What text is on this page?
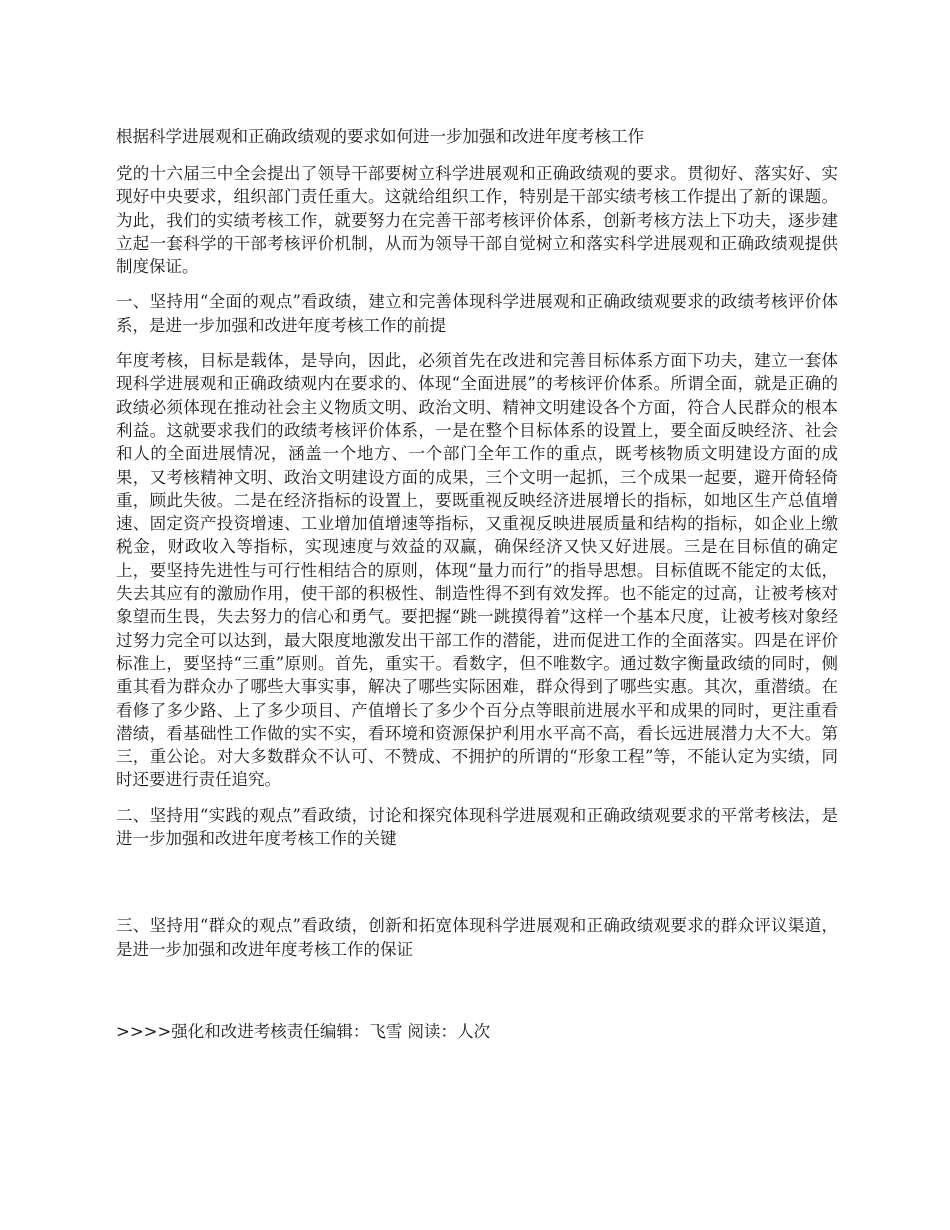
根据科学进展观和正确政绩观的要求如何进一步加强和改进年度考核工作
党的十六届三中全会提出了领导干部要树立科学进展观和正确政绩观的要求。贯彻好、落实好、实现好中央要求，组织部门责任重大。这就给组织工作，特别是干部实绩考核工作提出了新的课题。为此，我们的实绩考核工作，就要努力在完善干部考核评价体系，创新考核方法上下功夫，逐步建立起一套科学的干部考核评价机制，从而为领导干部自觉树立和落实科学进展观和正确政绩观提供制度保证。
一、坚持用“全面的观点”看政绩，建立和完善体现科学进展观和正确政绩观要求的政绩考核评价体系，是进一步加强和改进年度考核工作的前提
年度考核，目标是载体，是导向，因此，必须首先在改进和完善目标体系方面下功夫，建立一套体现科学进展观和正确政绩观内在要求的、体现“全面进展”的考核评价体系。所谓全面，就是正确的政绩必须体现在推动社会主义物质文明、政治文明、精神文明建设各个方面，符合人民群众的根本利益。这就要求我们的政绩考核评价体系，一是在整个目标体系的设置上，要全面反映经济、社会和人的全面进展情况，涵盖一个地方、一个部门全年工作的重点，既考核物质文明建设方面的成果，又考核精神文明、政治文明建设方面的成果，三个文明一起抓，三个成果一起要，避开倚轻倚重，顾此失彼。二是在经济指标的设置上，要既重视反映经济进展增长的指标，如地区生产总值增速、固定资产投资增速、工业增加值增速等指标，又重视反映进展质量和结构的指标，如企业上缴税金，财政收入等指标，实现速度与效益的双赢，确保经济又快又好进展。三是在目标值的确定上，要坚持先进性与可行性相结合的原则，体现“量力而行”的指导思想。目标值既不能定的太低，失去其应有的激励作用，使干部的积极性、制造性得不到有效发挥。也不能定的过高，让被考核对象望而生畏，失去努力的信心和勇气。要把握“跳一跳摸得着”这样一个基本尺度，让被考核对象经过努力完全可以达到，最大限度地激发出干部工作的潜能，进而促进工作的全面落实。四是在评价标准上，要坚持“三重”原则。首先，重实干。看数字，但不唯数字。通过数字衡量政绩的同时，侧重其看为群众办了哪些大事实事，解决了哪些实际困难，群众得到了哪些实惠。其次，重潜绩。在看修了多少路、上了多少项目、产值增长了多少个百分点等眼前进展水平和成果的同时，更注重看潜绩，看基础性工作做的实不实，看环境和资源保护利用水平高不高，看长远进展潜力大不大。第三，重公论。对大多数群众不认可、不赞成、不拥护的所谓的“形象工程”等，不能认定为实绩，同时还要进行责任追究。
二、坚持用“实践的观点”看政绩，讨论和探究体现科学进展观和正确政绩观要求的平常考核法，是进一步加强和改进年度考核工作的关键
三、坚持用“群众的观点”看政绩，创新和拓宽体现科学进展观和正确政绩观要求的群众评议渠道，是进一步加强和改进年度考核工作的保证
>>>>强化和改进考核责任编辑：飞雪 阅读：人次
